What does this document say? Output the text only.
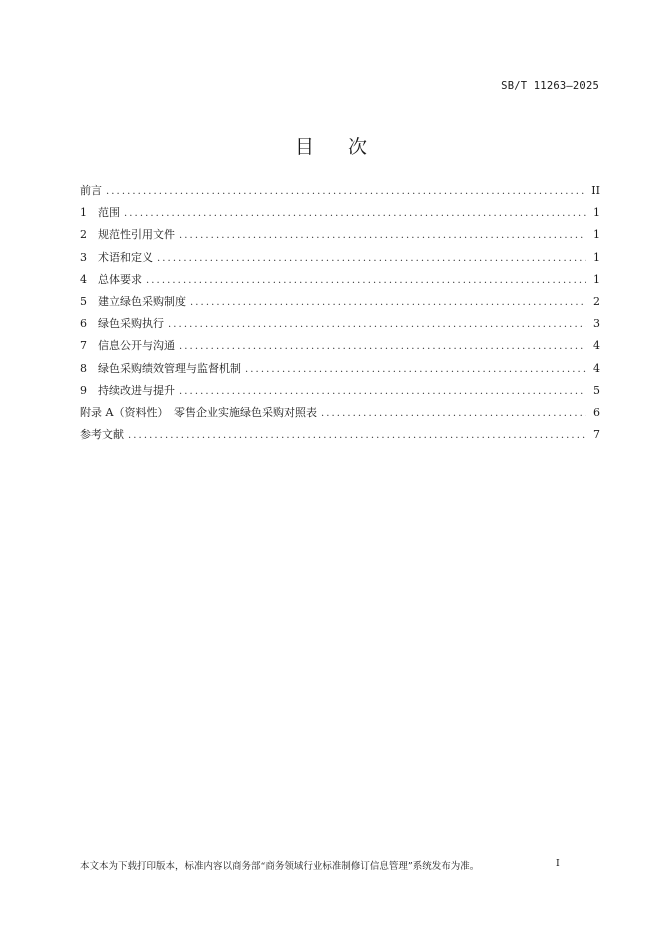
SB/T 11263—2025
目次
前言 .....	II
1	范围 .....	1
2	规范性引用文件 .....	1
3	术语和定义 .....	1
4	总体要求 .....	1
5	建立绿色采购制度 .....	2
6	绿色采购执行 .....	3
7	信息公开与沟通 .....	4
8	绿色采购绩效管理与监督机制 .....	4
9	持续改进与提升 .....	5
附录 A（资料性）　零售企业实施绿色采购对照表 .....	6
参考文献 .....	7
本文本为下载打印版本，标准内容以商务部“商务领域行业标准制修订信息管理”系统发布为准。	I
